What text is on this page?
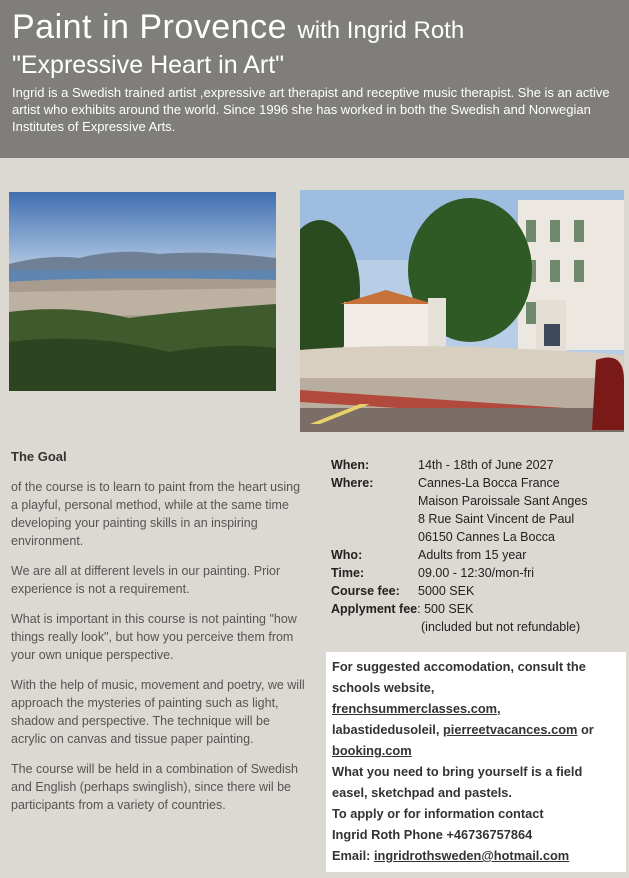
Paint in Provence with Ingrid Roth
"Expressive Heart in Art"
Ingrid is a Swedish trained artist ,expressive art therapist and receptive music therapist. She is an active artist who exhibits around the world. Since 1996 she has worked in both the Swedish and Norwegian Institutes of Expressive Arts.
The Goal
of the course is to learn to paint from the heart using a playful, personal method, while at the same time developing your painting skills in an inspiring environment.
We are all at different levels in our painting. Prior experience is not a requirement.
What is important in this course is not painting "how things really look", but how you perceive them from your own unique perspective.
With the help of music, movement and poetry, we will approach the mysteries of painting such as light, shadow and perspective. The technique will be acrylic on canvas and tissue paper painting.
The course will be held in a combination of Swedish and English (perhaps swinglish), since there wil be participants from a variety of countries.
When:	14th - 18th of June 2027
Where:	Cannes-La Bocca France
Maison Paroissale Sant Anges
8 Rue Saint Vincent de Paul
06150 Cannes La Bocca
Who:	Adults from 15 year
Time:	09.00 - 12:30/mon-fri
Course fee:	5000 SEK
Applyment fee: 500 SEK
(included but not refundable)
For suggested accomodation, consult the schools website,
frenchsummerclasses.com,
labastidedusoleil, pierreetvacances.com or
booking.com
What you need to bring yourself is a field easel, sketchpad and pastels.
To apply or for information contact
Ingrid Roth Phone +46736757864
Email: ingridrothsweden@hotmail.com
